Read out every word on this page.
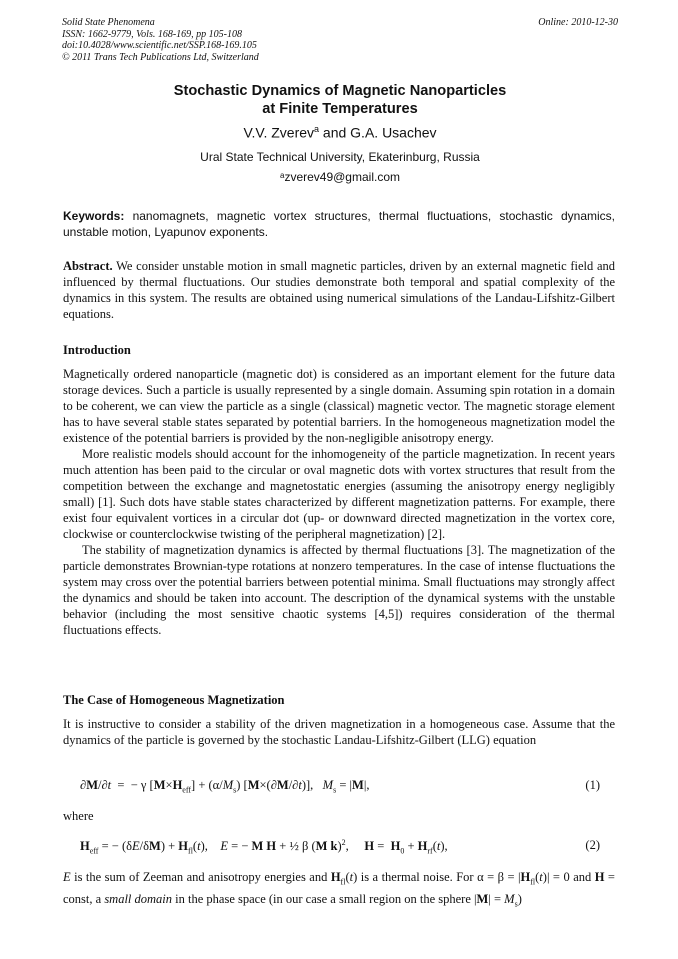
Solid State Phenomena
ISSN: 1662-9779, Vols. 168-169, pp 105-108
doi:10.4028/www.scientific.net/SSP.168-169.105
© 2011 Trans Tech Publications Ltd, Switzerland
Online: 2010-12-30
Stochastic Dynamics of Magnetic Nanoparticles
at Finite Temperatures
V.V. Zverev$^a$ and G.A. Usachev
Ural State Technical University, Ekaterinburg, Russia
$^a$zverev49@gmail.com
Keywords: nanomagnets, magnetic vortex structures, thermal fluctuations, stochastic dynamics, unstable motion, Lyapunov exponents.
Abstract. We consider unstable motion in small magnetic particles, driven by an external magnetic field and influenced by thermal fluctuations. Our studies demonstrate both temporal and spatial complexity of the dynamics in this system. The results are obtained using numerical simulations of the Landau-Lifshitz-Gilbert equations.
Introduction
Magnetically ordered nanoparticle (magnetic dot) is considered as an important element for the future data storage devices. Such a particle is usually represented by a single domain. Assuming spin rotation in a domain to be coherent, we can view the particle as a single (classical) magnetic vector. The magnetic storage element has to have several stable states separated by potential barriers. In the homogeneous magnetization model the existence of the potential barriers is provided by the non-negligible anisotropy energy.
More realistic models should account for the inhomogeneity of the particle magnetization. In recent years much attention has been paid to the circular or oval magnetic dots with vortex structures that result from the competition between the exchange and magnetostatic energies (assuming the anisotropy energy negligibly small) [1]. Such dots have stable states characterized by different magnetization patterns. For example, there exist four equivalent vortices in a circular dot (up- or downward directed magnetization in the vortex core, clockwise or counterclockwise twisting of the peripheral magnetization) [2].
The stability of magnetization dynamics is affected by thermal fluctuations [3]. The magnetization of the particle demonstrates Brownian-type rotations at nonzero temperatures. In the case of intense fluctuations the system may cross over the potential barriers between potential minima. Small fluctuations may strongly affect the dynamics and should be taken into account. The description of the dynamical systems with the unstable behavior (including the most sensitive chaotic systems [4,5]) requires consideration of the thermal fluctuations effects.
The Case of Homogeneous Magnetization
It is instructive to consider a stability of the driven magnetization in a homogeneous case. Assume that the dynamics of the particle is governed by the stochastic Landau-Lifshitz-Gilbert (LLG) equation
∂M/∂t  =  − γ $[M\times H_{eff}] + (\alpha/M_s)$ [M×(∂M/∂t)],   $M_s = |M|$,	(1)
where
$H_{eff}$ = − $(\delta E/\delta M) + H_{fl}(t)$,    E = − M H + ½ β (M k)$^2$,     $H = H_0 + H_{rf}(t)$,	(2)
E is the sum of Zeeman and anisotropy energies and $H_{fl}(t)$ is a thermal noise. For $\alpha = \beta = |H_{fl}(t)| = 0$ and H = const, a small domain in the phase space (in our case a small region on the sphere $|M| = M_s$)
